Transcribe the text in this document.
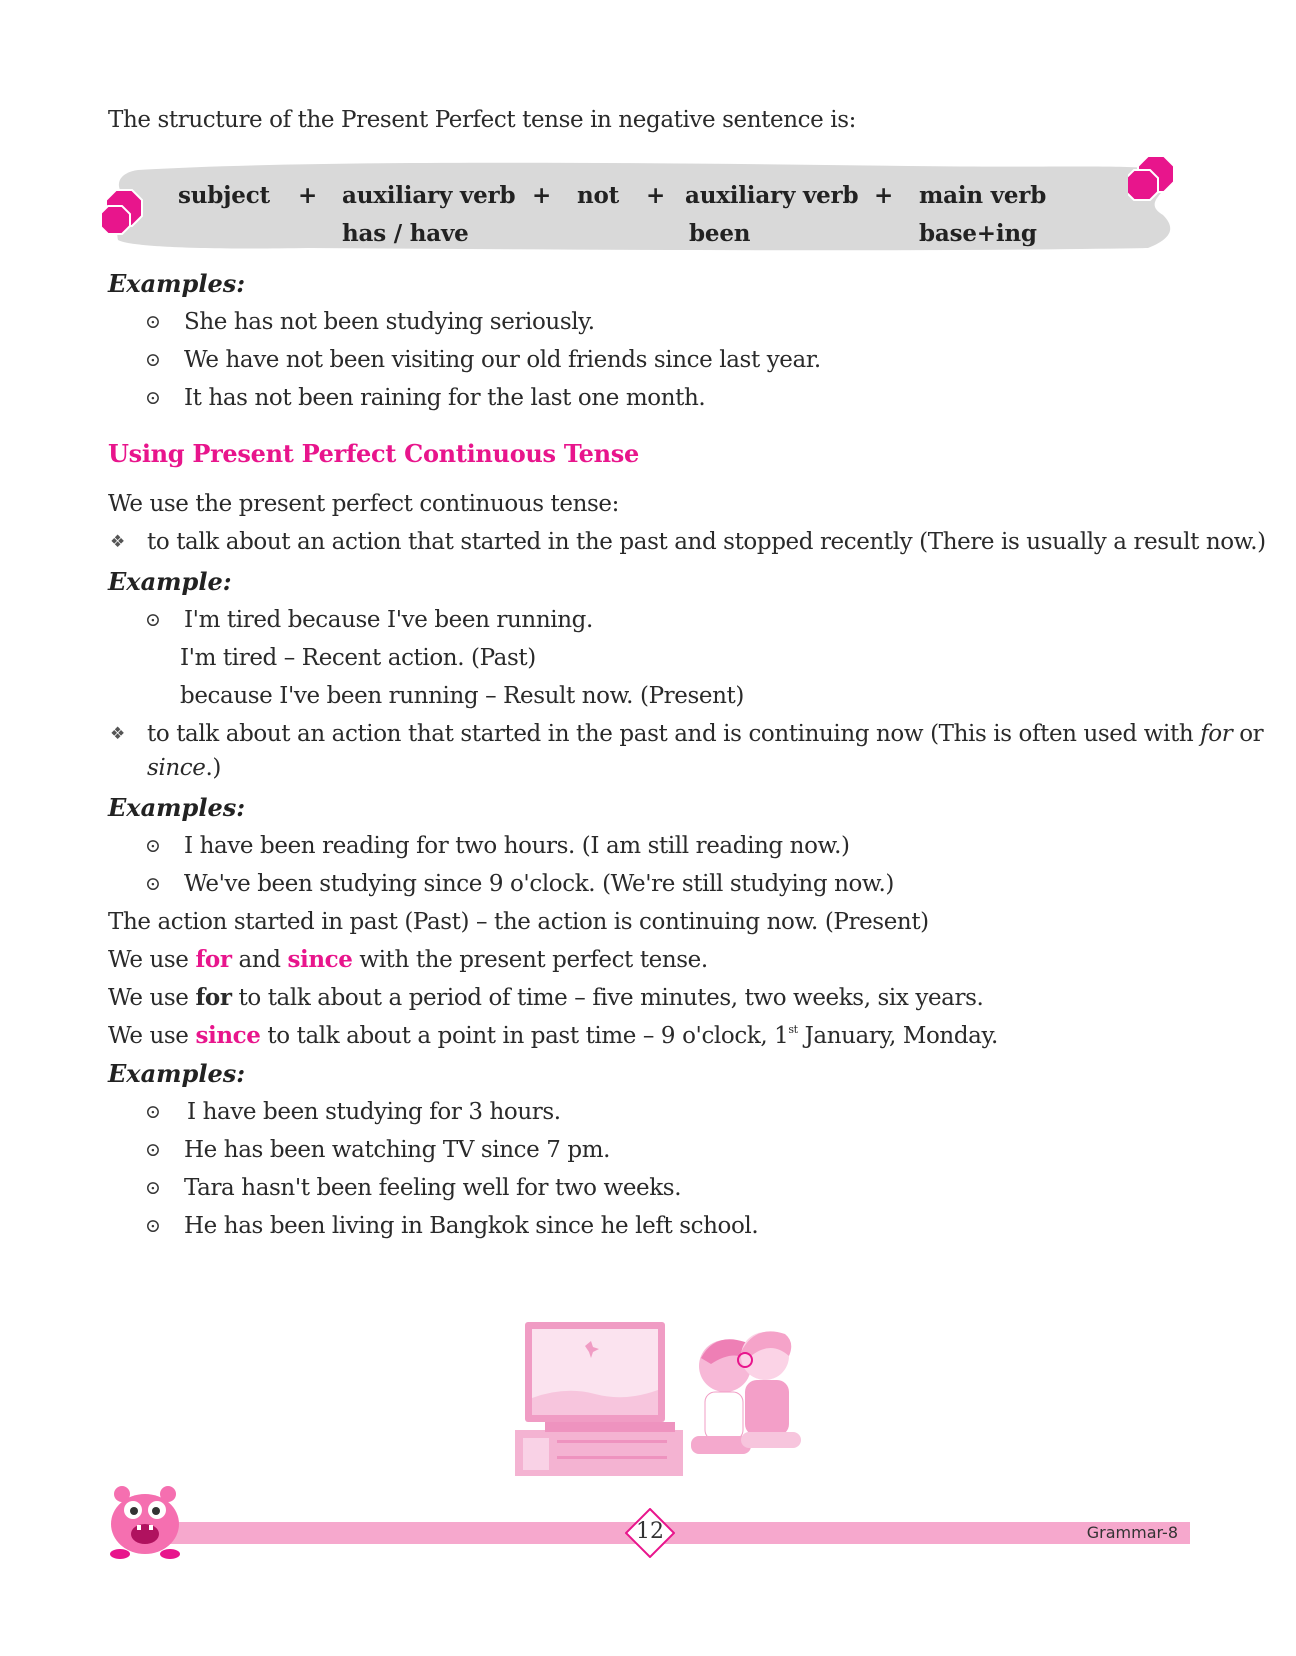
The structure of the Present Perfect tense in negative sentence is:
subject + auxiliary verb + not + auxiliary verb + main verb
has / have	been	base+ing
Examples:
⊙ She has not been studying seriously.
⊙ We have not been visiting our old friends since last year.
⊙ It has not been raining for the last one month.
Using Present Perfect Continuous Tense
We use the present perfect continuous tense:
❖ to talk about an action that started in the past and stopped recently (There is usually a result now.)
Example:
⊙ I'm tired because I've been running.
I'm tired – Recent action. (Past)
because I've been running – Result now. (Present)
❖ to talk about an action that started in the past and is continuing now (This is often used with for or
since.)
Examples:
⊙ I have been reading for two hours. (I am still reading now.)
⊙ We've been studying since 9 o'clock. (We're still studying now.)
The action started in past (Past) – the action is continuing now. (Present)
We use for and since with the present perfect tense.
We use for to talk about a period of time – five minutes, two weeks, six years.
We use since to talk about a point in past time – 9 o'clock, 1st January, Monday.
Examples:
⊙ I have been studying for 3 hours.
⊙ He has been watching TV since 7 pm.
⊙ Tara hasn't been feeling well for two weeks.
⊙ He has been living in Bangkok since he left school.
12	Grammar-8
